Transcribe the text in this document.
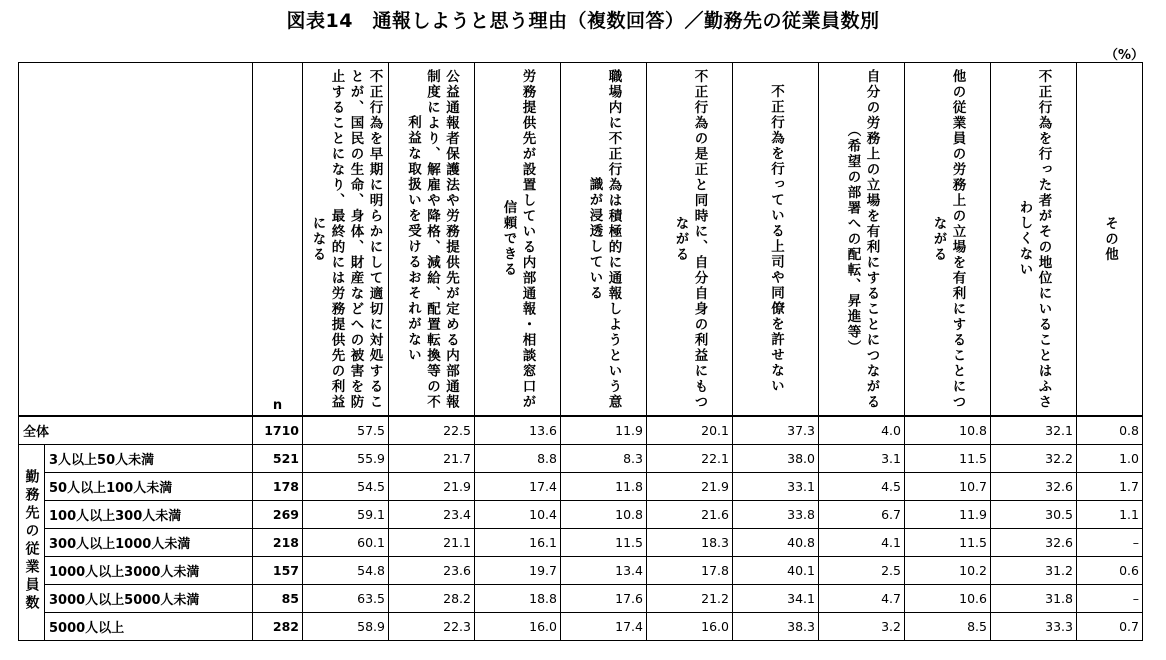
図表14　通報しようと思う理由（複数回答）／勤務先の従業員数別
（%）
		n	不正行為を早期に明らかにして適切に対処することが、国民の生命、身体、財産などへの被害を防止することになり、最終的には労務提供先の利益になる	公益通報者保護法や労務提供先が定める内部通報制度により、解雇や降格、減給、配置転換等の不利益な取扱いを受けるおそれがない	労務提供先が設置している内部通報・相談窓口が信頼できる	職場内に不正行為は積極的に通報しようという意識が浸透している	不正行為の是正と同時に、自分自身の利益にもつながる	不正行為を行っている上司や同僚を許せない	自分の労務上の立場を有利にすることにつながる（希望の部署への配転、昇進等）	他の従業員の労務上の立場を有利にすることにつながる	不正行為を行った者がその地位にいることはふさわしくない	その他

全体		1710	57.5	22.5	13.6	11.9	20.1	37.3	4.0	10.8	32.1	0.8
勤務先の従業員数	3人以上50人未満	521	55.9	21.7	8.8	8.3	22.1	38.0	3.1	11.5	32.2	1.0
	50人以上100人未満	178	54.5	21.9	17.4	11.8	21.9	33.1	4.5	10.7	32.6	1.7
	100人以上300人未満	269	59.1	23.4	10.4	10.8	21.6	33.8	6.7	11.9	30.5	1.1
	300人以上1000人未満	218	60.1	21.1	16.1	11.5	18.3	40.8	4.1	11.5	32.6	–
	1000人以上3000人未満	157	54.8	23.6	19.7	13.4	17.8	40.1	2.5	10.2	31.2	0.6
	3000人以上5000人未満	85	63.5	28.2	18.8	17.6	21.2	34.1	4.7	10.6	31.8	–
	5000人以上	282	58.9	22.3	16.0	17.4	16.0	38.3	3.2	8.5	33.3	0.7
